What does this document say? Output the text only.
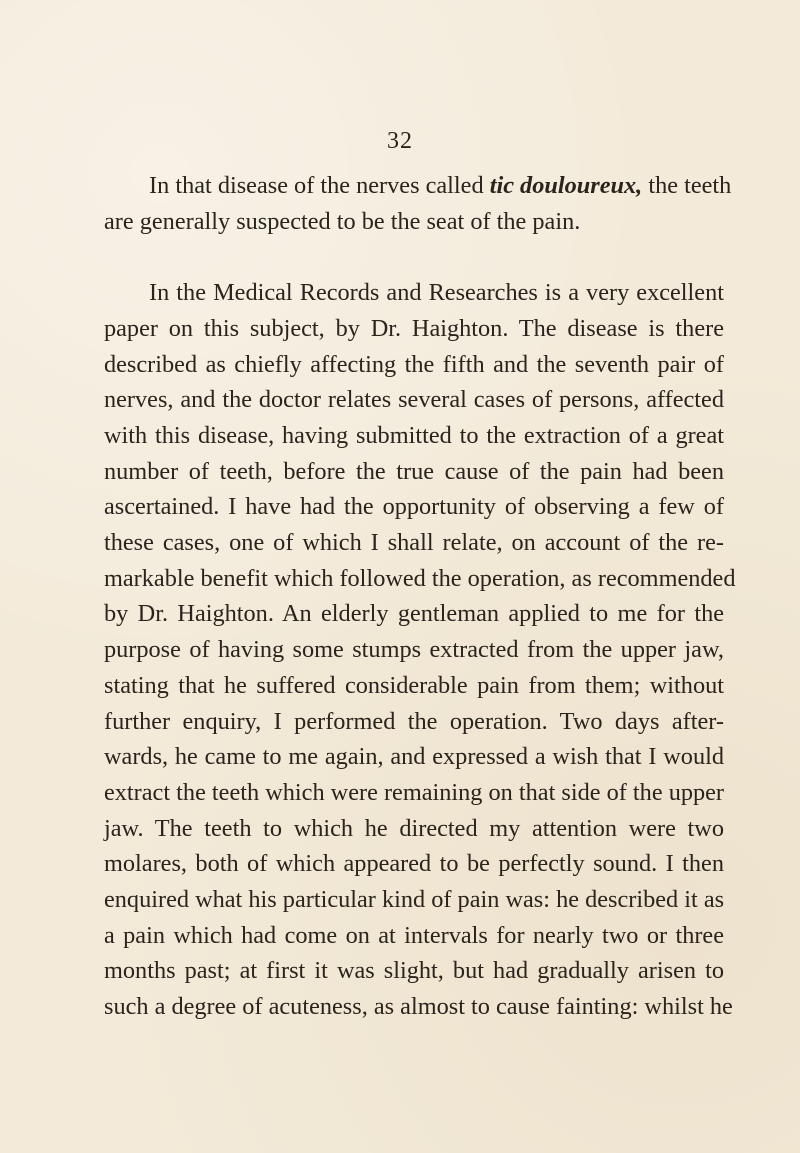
32
In that disease of the nerves called tic douloureux, the teeth
are generally suspected to be the seat of the pain.
In the Medical Records and Researches is a very excellent
paper on this subject, by Dr. Haighton. The disease is there
described as chiefly affecting the fifth and the seventh pair of
nerves, and the doctor relates several cases of persons, affected
with this disease, having submitted to the extraction of a great
number of teeth, before the true cause of the pain had been
ascertained. I have had the opportunity of observing a few of
these cases, one of which I shall relate, on account of the re-
markable benefit which followed the operation, as recommended
by Dr. Haighton. An elderly gentleman applied to me for the
purpose of having some stumps extracted from the upper jaw,
stating that he suffered considerable pain from them; without
further enquiry, I performed the operation. Two days after-
wards, he came to me again, and expressed a wish that I would
extract the teeth which were remaining on that side of the upper
jaw. The teeth to which he directed my attention were two
molares, both of which appeared to be perfectly sound. I then
enquired what his particular kind of pain was: he described it as
a pain which had come on at intervals for nearly two or three
months past; at first it was slight, but had gradually arisen to
such a degree of acuteness, as almost to cause fainting: whilst he
